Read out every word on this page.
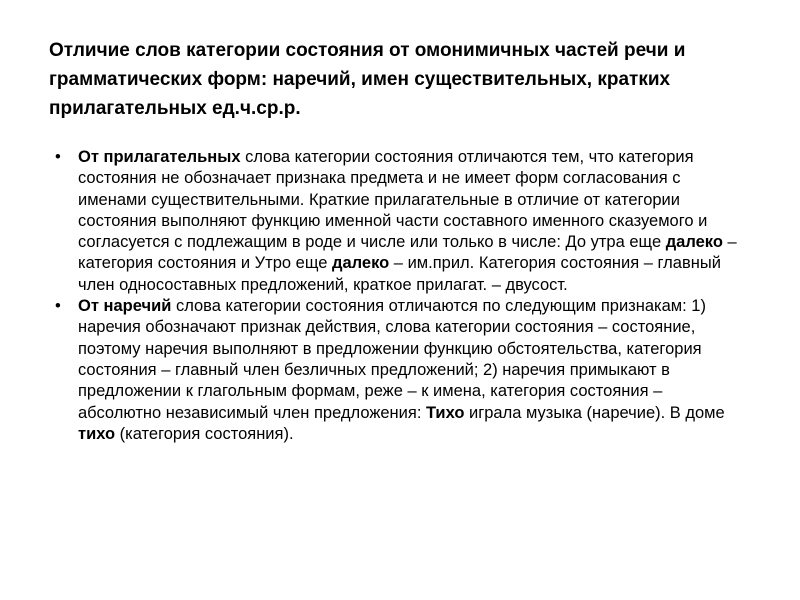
Отличие слов категории состояния от омонимичных частей речи и грамматических форм: наречий, имен существительных, кратких прилагательных ед.ч.ср.р.
• От прилагательных слова категории состояния отличаются тем, что категория состояния не обозначает признака предмета и не имеет форм согласования с именами существительными. Краткие прилагательные в отличие от категории состояния выполняют функцию именной части составного именного сказуемого и согласуется с подлежащим в роде и числе или только в числе: До утра еще далеко – категория состояния и Утро еще далеко – им.прил. Категория состояния – главный член односоставных предложений, краткое прилагат. – двусост.
• От наречий слова категории состояния отличаются по следующим признакам: 1) наречия обозначают признак действия, слова категории состояния – состояние, поэтому наречия выполняют в предложении функцию обстоятельства, категория состояния – главный член безличных предложений; 2) наречия примыкают в предложении к глагольным формам, реже – к имена, категория состояния – абсолютно независимый член предложения: Тихо играла музыка (наречие). В доме тихо (категория состояния).
